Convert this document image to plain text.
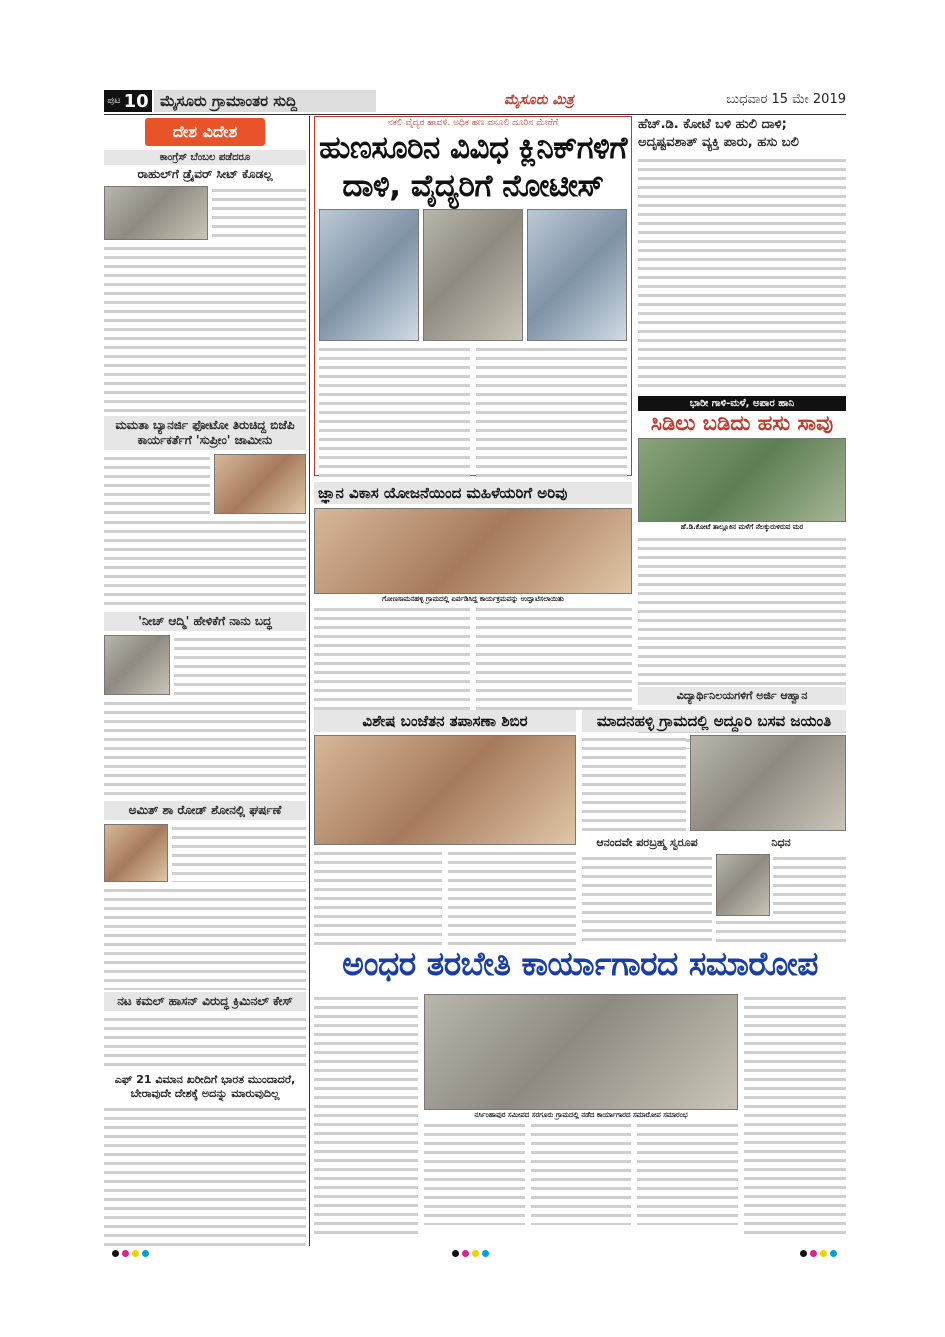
ಪುಟ 10 ಮೈಸೂರು ಗ್ರಾಮಾಂತರ ಸುದ್ದಿ	ಮೈಸೂರು ಮಿತ್ರ	ಬುಧವಾರ 15 ಮೇ 2019
ದೇಶ ವಿದೇಶ
ಕಾಂಗ್ರೆಸ್ ಬೆಂಬಲ ಪಡೆದರೂ
ರಾಹುಲ್‌ಗೆ ಡ್ರೈವರ್ ಸೀಟ್ ಕೊಡಲ್ಲ
ಮಮತಾ ಬ್ಯಾನರ್ಜಿ ಫೋಟೋ ತಿರುಚಿದ್ದ ಬಿಜೆಪಿ ಕಾರ್ಯಕರ್ತೆಗೆ 'ಸುಪ್ರೀಂ' ಜಾಮೀನು
'ನೀಚ್ ಆದ್ಮಿ' ಹೇಳಿಕೆಗೆ ನಾನು ಬದ್ಧ
ಅಮಿತ್ ಶಾ ರೋಡ್ ಶೋನಲ್ಲಿ ಘರ್ಷಣೆ
ನಟ ಕಮಲ್ ಹಾಸನ್ ವಿರುದ್ಧ ಕ್ರಿಮಿನಲ್ ಕೇಸ್
ಎಫ್ 21 ವಿಮಾನ ಖರೀದಿಗೆ ಭಾರತ ಮುಂದಾದರೆ, ಬೇರಾವುದೇ ದೇಶಕ್ಕೆ ಅದನ್ನು ಮಾರುವುದಿಲ್ಲ
ನಕಲಿ ವೈದ್ಯರ ಹಾವಳಿ. ಅಧಿಕ ಹಣ ವಸೂಲಿ ದೂರಿನ ಮೇರೆಗೆ
ಹುಣಸೂರಿನ ವಿವಿಧ ಕ್ಲಿನಿಕ್‌ಗಳಿಗೆ
ದಾಳಿ, ವೈದ್ಯರಿಗೆ ನೋಟೀಸ್
ಹೆಚ್.ಡಿ. ಕೋಟೆ ಬಳಿ ಹುಲಿ ದಾಳಿ; ಅದೃಷ್ಟವಶಾತ್ ವ್ಯಕ್ತಿ ಪಾರು, ಹಸು ಬಲಿ
ಭಾರೀ ಗಾಳಿ-ಮಳೆ, ಅಪಾರ ಹಾನಿ
ಸಿಡಿಲು ಬಡಿದು ಹಸು ಸಾವು
ಹೆ.ಡಿ.ಕೋಟೆ ತಾಲ್ಲೂಕಿನ ಮಳೆಗೆ ನೆಲಕ್ಕುರುಳಿರುವ ಮರ
ವಿದ್ಯಾರ್ಥಿನಿಲಯಗಳಿಗೆ ಅರ್ಜಿ ಆಹ್ವಾನ
ಜ್ಞಾನ ವಿಕಾಸ ಯೋಜನೆಯಿಂದ ಮಹಿಳೆಯರಿಗೆ ಅರಿವು
ಗೋಣಸಾಮನಹಳ್ಳಿ ಗ್ರಾಮದಲ್ಲಿ ಏರ್ಪಡಿಸಿದ್ದ ಕಾರ್ಯಕ್ರಮವನ್ನು ಉದ್ಘಾಟಿಸಲಾಯಿತು
ವಿಶೇಷ ಬಂಜೆತನ ತಪಾಸಣಾ ಶಿಬಿರ	ಮಾದನಹಳ್ಳಿ ಗ್ರಾಮದಲ್ಲಿ ಅದ್ದೂರಿ ಬಸವ ಜಯಂತಿ
ಆನಂದವೇ ಪರಬ್ರಹ್ಮ ಸ್ವರೂಪ	ನಿಧನ
ಅಂಧರ ತರಬೇತಿ ಕಾರ್ಯಾಗಾರದ ಸಮಾರೋಪ
ನರ್ಸಿಂಹಾಪುರ ಸಮೀಪದ ಸರಗೂರು ಗ್ರಾಮದಲ್ಲಿ ನಡೆದ ಕಾರ್ಯಾಗಾರದ ಸಮಾರೋಪ ಸಮಾರಂಭ
